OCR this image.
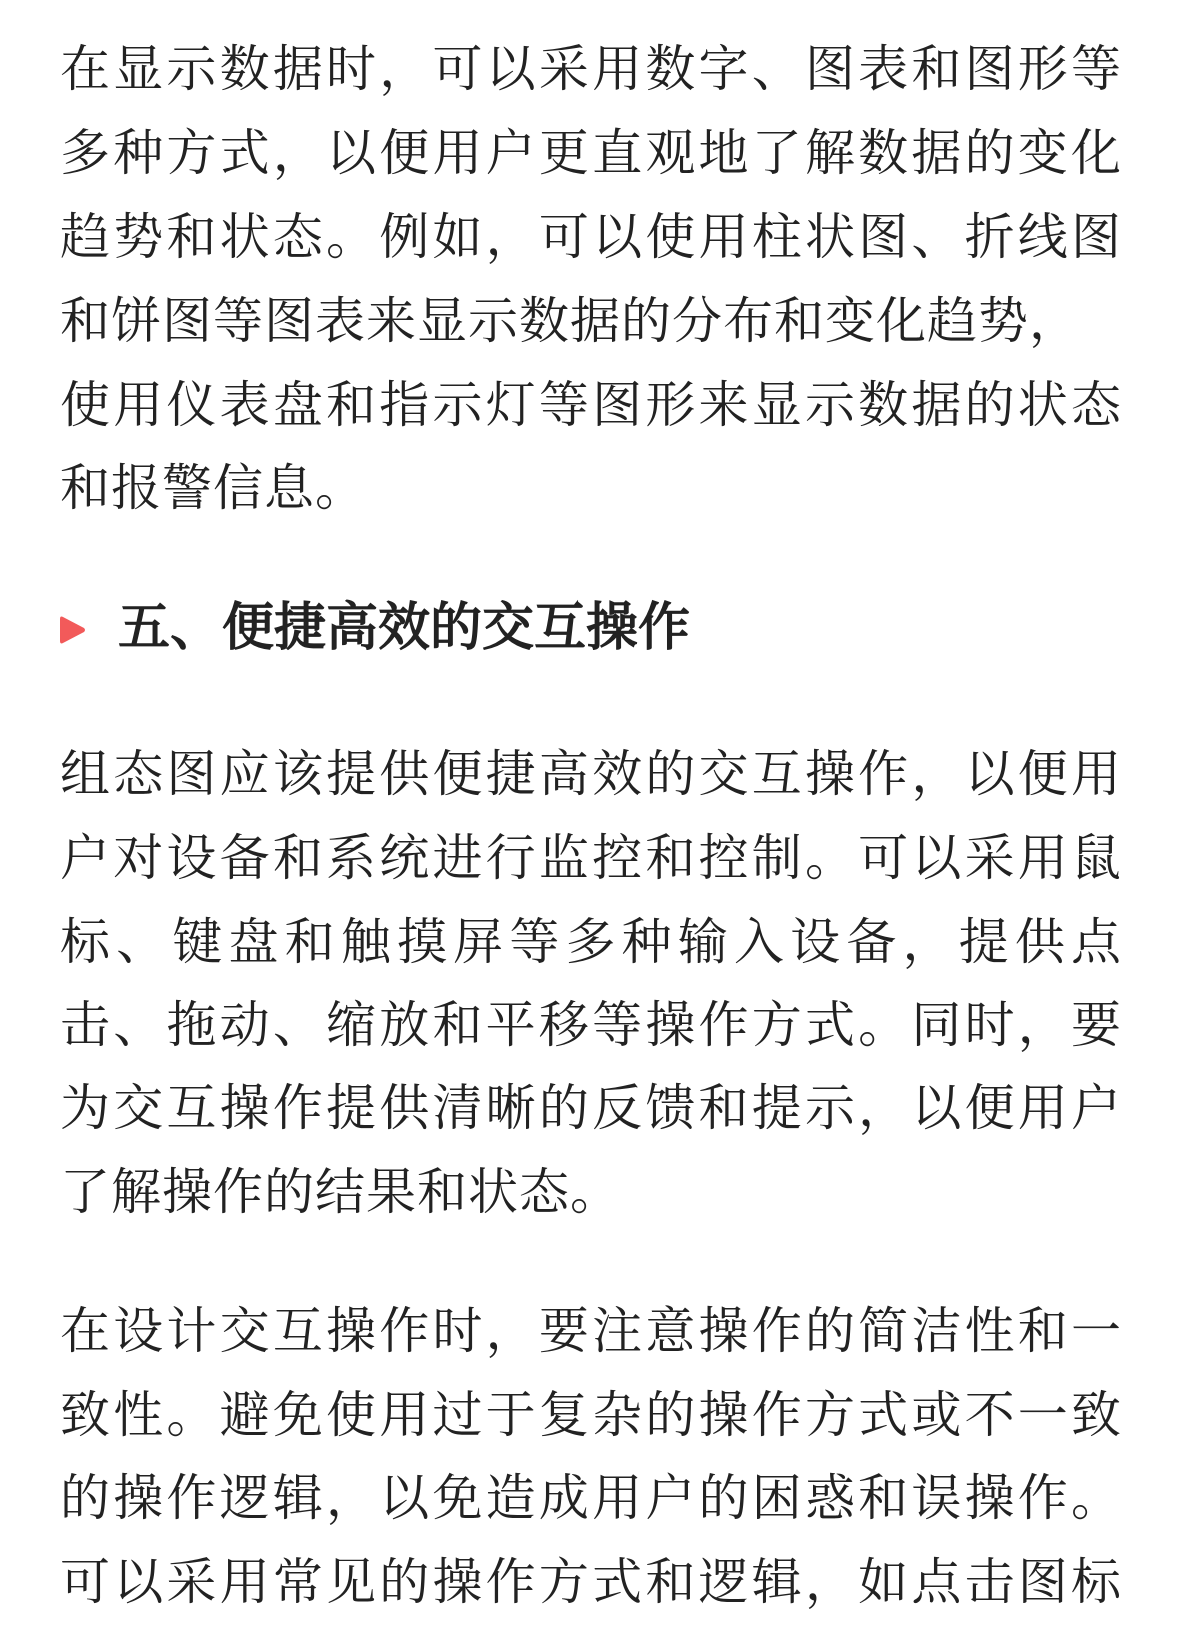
在显示数据时，可以采用数字、图表和图形等
多种方式，以便用户更直观地了解数据的变化
趋势和状态。例如，可以使用柱状图、折线图
和饼图等图表来显示数据的分布和变化趋势，
使用仪表盘和指示灯等图形来显示数据的状态
和报警信息。
五、便捷高效的交互操作
组态图应该提供便捷高效的交互操作，以便用
户对设备和系统进行监控和控制。可以采用鼠
标、键盘和触摸屏等多种输入设备，提供点
击、拖动、缩放和平移等操作方式。同时，要
为交互操作提供清晰的反馈和提示，以便用户
了解操作的结果和状态。
在设计交互操作时，要注意操作的简洁性和一
致性。避免使用过于复杂的操作方式或不一致
的操作逻辑，以免造成用户的困惑和误操作。
可以采用常见的操作方式和逻辑，如点击图标
